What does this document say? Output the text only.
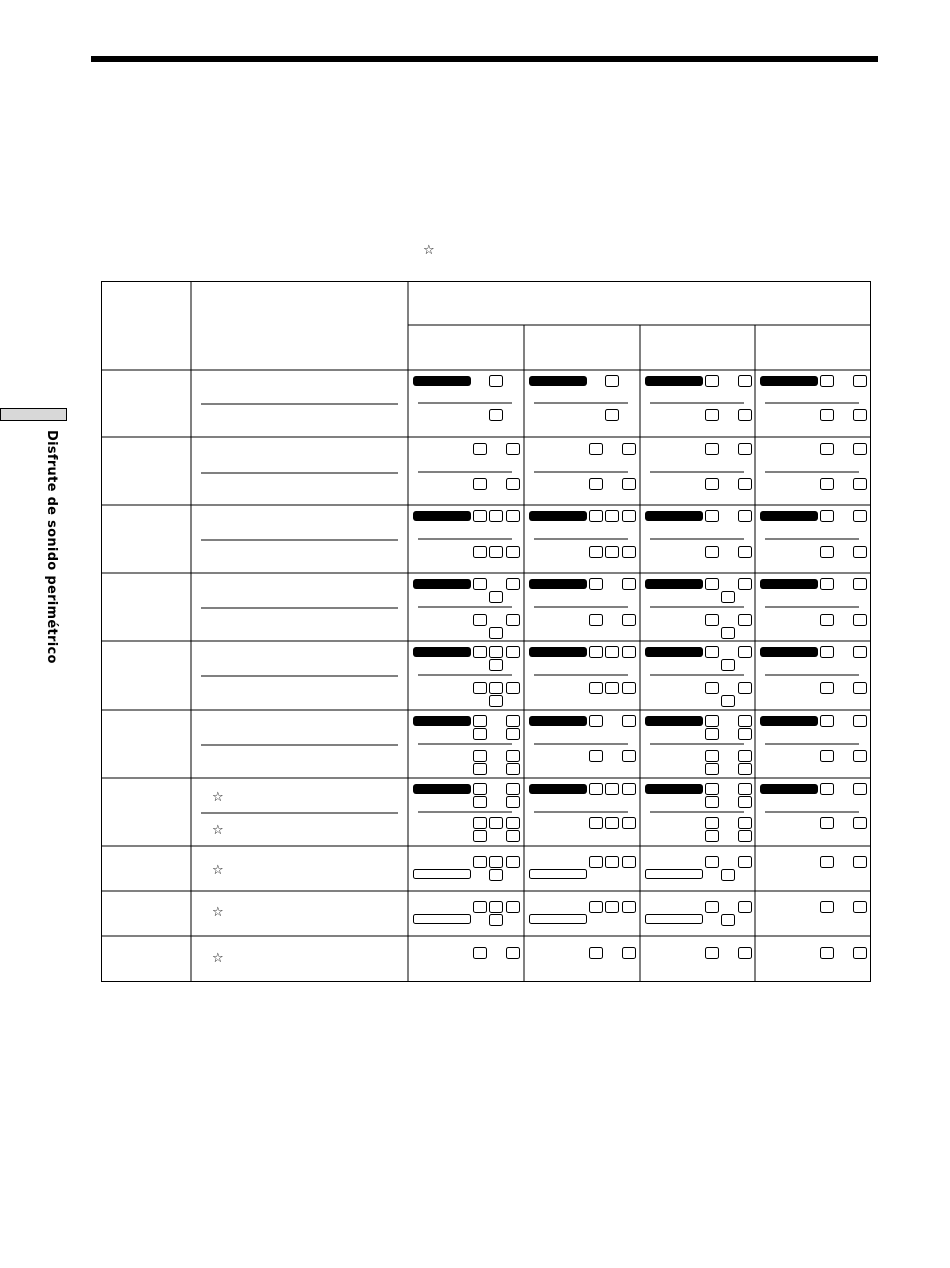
Disfrute de sonido perimétrico
☆
☆
☆
☆
☆
☆
